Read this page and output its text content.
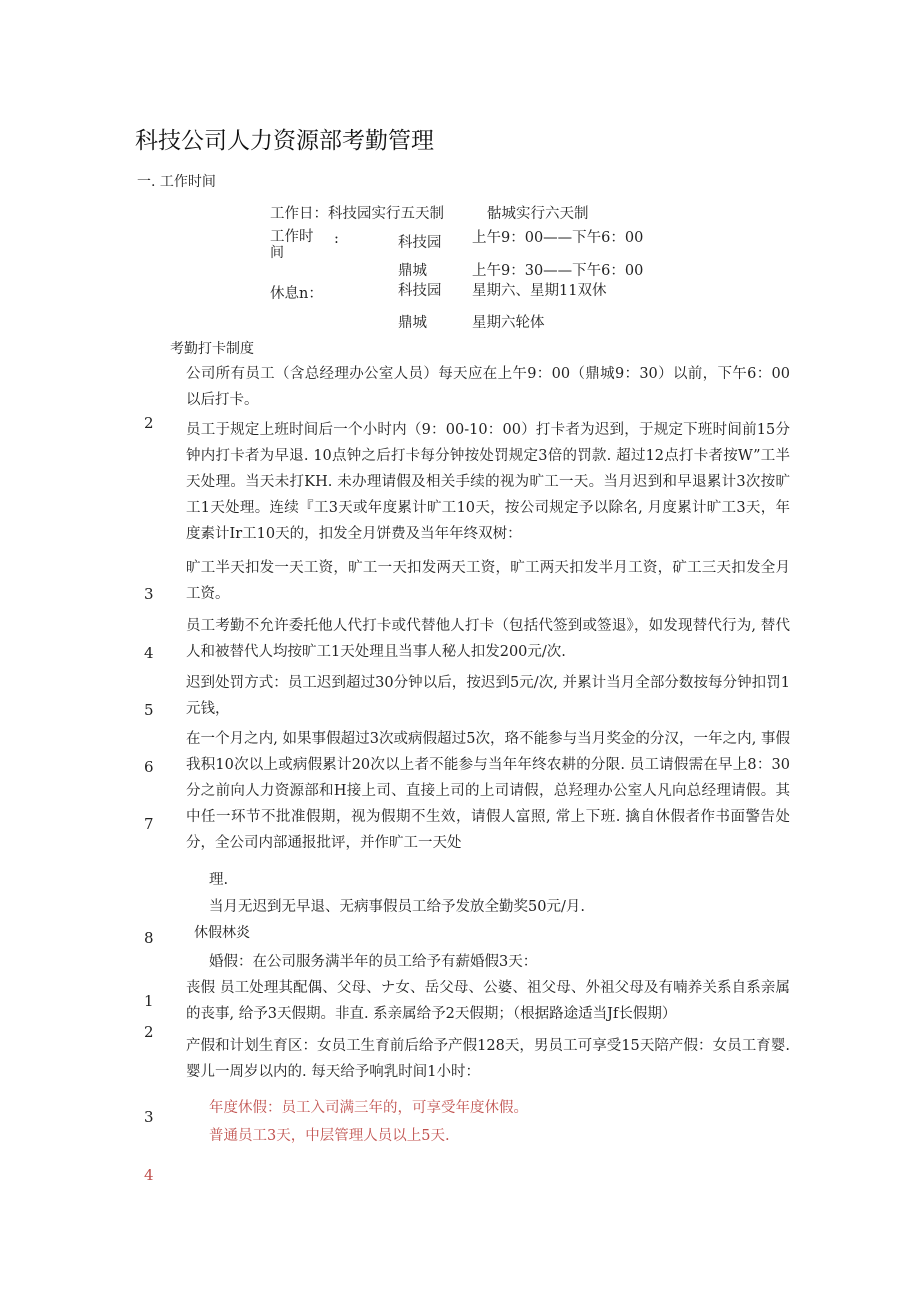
科技公司人力资源部考勤管理
一. 工作时间
工作日：科技园实行五天制	骷城实行六天制
工作时
间
:	科技园 上午9：00——下午6：00
鼎城	上午9：30——下午6：00
休息n：	科技园 星期六、星期11双休
鼎城	星期六轮体
考勤打卡制度
公司所有员工（含总经理办公室人员）每天应在上午9：00（鼎城9：30）以前，下午6：00以后打卡。
员工于规定上班时间后一个小时内（9：00-10：00）打卡者为迟到，于规定下班时间前15分钟内打卡者为早退. 10点钟之后打卡每分钟按处罚规定3倍的罚款. 超过12点打卡者按W”工半天处理。当天未打KH. 未办理请假及相关手续的视为旷工一天。当月迟到和早退累计3次按旷工1天处理。连续『工3天或年度累计旷工10天，按公司规定予以除名, 月度累计旷工3天，年度素计Ir工10天的，扣发全月饼费及当年年终双树：
旷工半天扣发一天工资，旷工一天扣发两天工资，旷工两天扣发半月工资，矿工三天扣发全月工资。
员工考勤不允许委托他人代打卡或代替他人打卡（包括代签到或签退》，如发现替代行为, 替代人和被替代人均按旷工1天处理且当事人秘人扣发200元/次.
迟到处罚方式：员工迟到超过30分钟以后，按迟到5元/次, 并累计当月全部分数按每分钟扣罚1元钱，
在一个月之内, 如果事假超过3次或病假超过5次，珞不能参与当月奖金的分汉，一年之内, 事假我积10次以上或病假累计20次以上者不能参与当年年终农耕的分限. 员工请假需在早上8：30分之前向人力资源部和H接上司、直接上司的上司请假，总羟理办公室人凡向总经理请假。其中任一环节不批准假期，视为假期不生效，请假人富照, 常上下班. 擒自休假者作书面警告处分，全公司内部通报批评，并作旷工一天处
理.
当月无迟到无早退、无病事假员工给予发放全勤奖50元/月.
休假林炎
婚假：在公司服务满半年的员工给予有薪婚假3天：
丧假 员工处理其配偶、父母、ナ女、岳父母、公婆、祖父母、外祖父母及有喃养关系自系亲属的丧事, 给予3天假期。非直. 系亲属给予2天假期；（根据路途适当Jf长假期）
产假和计划生育区：女员工生育前后给予产假128天，男员工可享受15天陪产假：女员工育婴. 婴儿一周岁以内的. 每天给予响乳时间1小时：
年度休假：员工入司满三年的，可享受年度休假。
普通员工3天，中层管理人员以上5天.
2
3
4
5
6
7
8
1
2
3
4
